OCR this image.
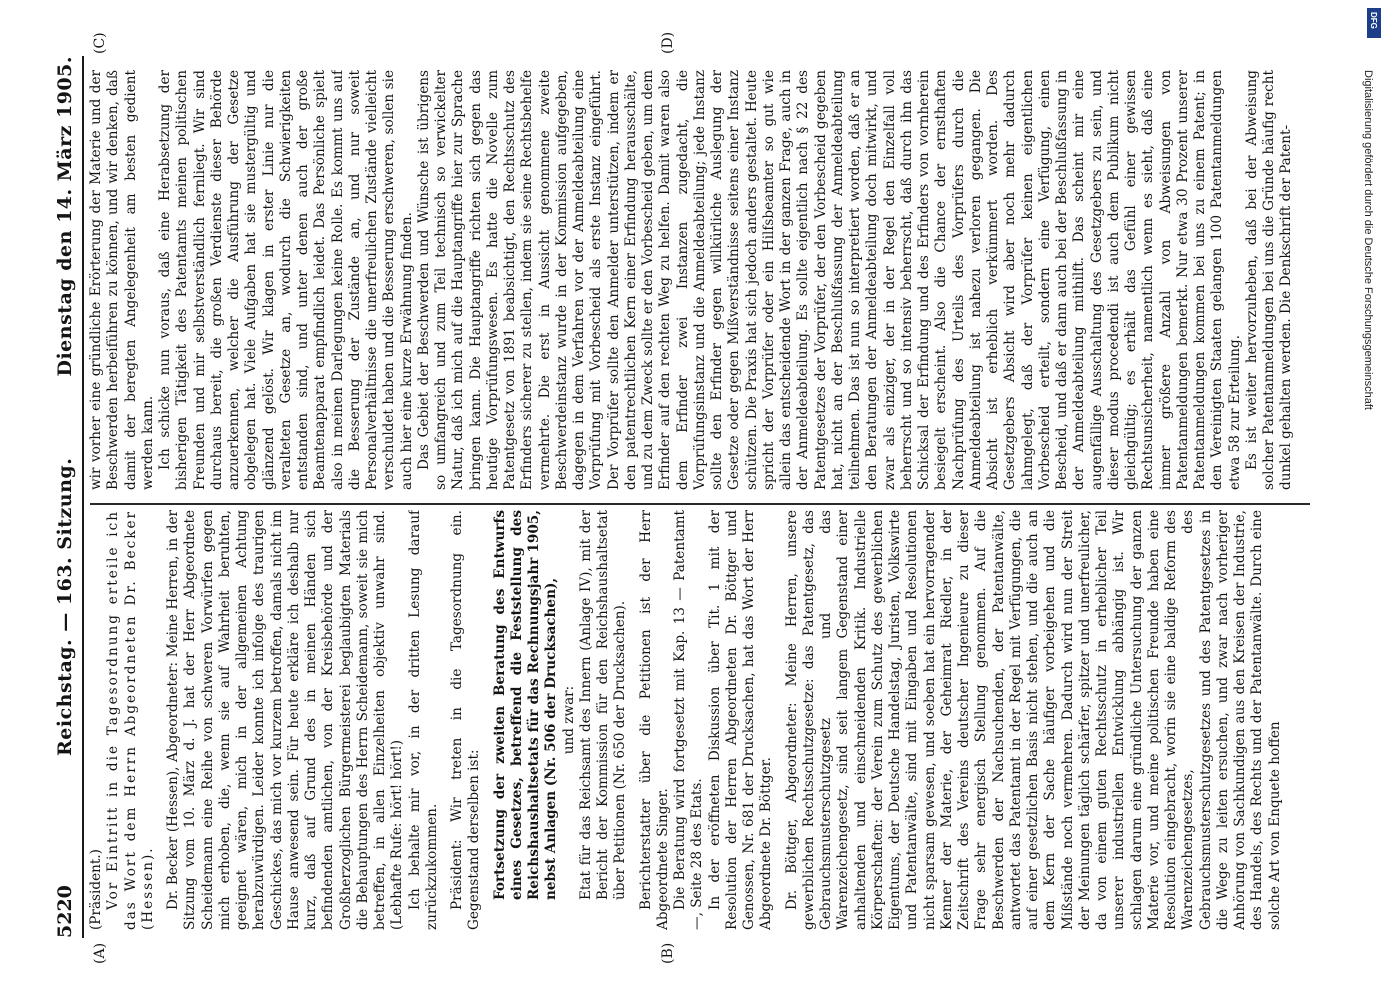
5220
Reichstag. — 163. Sitzung.
Dienstag den 14. März 1905.
(A)	(B)
(C)	(D)

(Präsident.) Vor Eintritt in die Tagesordnung erteile ich das Wort dem Herrn Abgeordneten Dr. Becker (Hessen). Dr. Becker (Hessen), Abgeordneter: Meine Herren, in der Sitzung vom 10. März d. J. hat der Herr Abgeordnete Scheidemann eine Reihe von schweren Vorwürfen gegen mich erhoben, die, wenn sie auf Wahrheit beruhten, geeignet wären, mich in der allgemeinen Achtung herabzuwürdigen. Leider konnte ich infolge des traurigen Geschickes, das mich vor kurzem betroffen, damals nicht im Hause anwesend sein. Für heute erkläre ich deshalb nur kurz, daß auf Grund des in meinen Händen sich befindenden amtlichen, von der Kreisbehörde und der Großherzoglichen Bürgermeisterei beglaubigten Materials die Behauptungen des Herrn Scheidemann, soweit sie mich betreffen, in allen Einzelheiten objektiv unwahr sind. (Lebhafte Rufe: hört! hört!) Ich behalte mir vor, in der dritten Lesung darauf zurückzukommen. Präsident: Wir treten in die Tagesordnung ein. Gegenstand derselben ist: Fortsetzung der zweiten Beratung des Entwurfs eines Gesetzes, betreffend die Feststellung des Reichshaushaltsetats für das Rechnungsjahr 1905, nebst Anlagen (Nr. 506 der Drucksachen), und zwar: Etat für das Reichsamt des Innern (Anlage IV), mit der Bericht der Kommission für den Reichshaushaltsetat über Petitionen (Nr. 650 der Drucksachen). Berichterstatter über die Petitionen ist der Herr Abgeordnete Singer. Die Beratung wird fortgesetzt mit Kap. 13 — Patentamt —, Seite 28 des Etats. In der eröffneten Diskussion über Tit. 1 mit der Resolution der Herren Abgeordneten Dr. Böttger und Genossen, Nr. 681 der Drucksachen, hat das Wort der Herr Abgeordnete Dr. Böttger. Dr. Böttger, Abgeordneter: Meine Herren, unsere gewerblichen Rechtsschutzgesetze: das Patentgesetz, das Gebrauchsmusterschutzgesetz und das Warenzeichengesetz, sind seit langem Gegenstand einer anhaltenden und einschneidenden Kritik. Industrielle Körperschaften: der Verein zum Schutz des gewerblichen Eigentums, der Deutsche Handelstag, Juristen, Volkswirte und Patentanwälte, sind mit Eingaben und Resolutionen nicht sparsam gewesen, und soeben hat ein hervorragender Kenner der Materie, der Geheimrat Riedler, in der Zeitschrift des Vereins deutscher Ingenieure zu dieser Frage sehr energisch Stellung genommen. Auf die Beschwerden der Nachsuchenden, der Patentanwälte, antwortet das Patentamt in der Regel mit Verfügungen, die auf einer gesetzlichen Basis nicht stehen, und die auch an dem Kern der Sache häufiger vorbeigehen und die Mißstände noch vermehren. Dadurch wird nun der Streit der Meinungen täglich schärfer, spitzer und unerfreulicher, da von einem guten Rechtsschutz in erheblicher Teil unserer industriellen Entwicklung abhängig ist. Wir schlagen darum eine gründliche Untersuchung der ganzen Materie vor, und meine politischen Freunde haben eine Resolution eingebracht, worin sie eine baldige Reform des Warenzeichengesetzes, des Gebrauchsmusterschutzgesetzes und des Patentgesetzes in die Wege zu leiten ersuchen, und zwar nach vorheriger Anhörung von Sachkundigen aus den Kreisen der Industrie, des Handels, des Rechts und der Patentanwälte. Durch eine solche Art von Enquete hoffen

wir vorher eine gründliche Erörterung der Materie und der Beschwerden herbeiführen zu können, und wir denken, daß damit der beregten Angelegenheit am besten gedient werden kann. Ich schicke nun voraus, daß eine Herabsetzung der bisherigen Tätigkeit des Patentamts meinen politischen Freunden und mir selbstverständlich fernliegt. Wir sind durchaus bereit, die großen Verdienste dieser Behörde anzuerkennen, welcher die Ausführung der Gesetze obgelegen hat. Viele Aufgaben hat sie mustergültig und glänzend gelöst. Wir klagen in erster Linie nur die veralteten Gesetze an, wodurch die Schwierigkeiten entstanden sind, und unter denen auch der große Beamtenapparat empfindlich leidet. Das Persönliche spielt also in meinen Darlegungen keine Rolle. Es kommt uns auf die Besserung der Zustände an, und nur soweit Personalverhältnisse die unerfreulichen Zustände vielleicht verschuldet haben und die Besserung erschweren, sollen sie auch hier eine kurze Erwähnung finden. Das Gebiet der Beschwerden und Wünsche ist übrigens so umfangreich und zum Teil technisch so verwickelter Natur, daß ich mich auf die Hauptangriffe hier zur Sprache bringen kann. Die Hauptangriffe richten sich gegen das heutige Vorprüfungswesen. Es hatte die Novelle zum Patentgesetz von 1891 beabsichtigt, den Rechtsschutz des Erfinders sicherer zu stellen, indem sie seine Rechtsbehelfe vermehrte. Die erst in Aussicht genommene zweite Beschwerdeinstanz wurde in der Kommission aufgegeben, dagegen in dem Verfahren vor der Anmeldeabteilung eine Vorprüfung mit Vorbescheid als erste Instanz eingeführt. Der Vorprüfer sollte den Anmelder unterstützen, indem er den patentrechtlichen Kern einer Erfindung herausschälte, und zu dem Zweck sollte er den Vorbescheid geben, um dem Erfinder auf den rechten Weg zu helfen. Damit waren also dem Erfinder zwei Instanzen zugedacht, die Vorprüfungsinstanz und die Anmeldeabteilung; jede Instanz sollte den Erfinder gegen willkürliche Auslegung der Gesetze oder gegen Mißverständnisse seitens einer Instanz schützen. Die Praxis hat sich jedoch anders gestaltet. Heute spricht der Vorprüfer oder ein Hilfsbeamter so gut wie allein das entscheidende Wort in der ganzen Frage, auch in der Anmeldeabteilung. Es sollte eigentlich nach § 22 des Patentgesetzes der Vorprüfer, der den Vorbescheid gegeben hat, nicht an der Beschlußfassung der Anmeldeabteilung teilnehmen. Das ist nun so interpretiert worden, daß er an den Beratungen der Anmeldeabteilung doch mitwirkt, und zwar als einziger, der in der Regel den Einzelfall voll beherrscht und so intensiv beherrscht, daß durch ihn das Schicksal der Erfindung und des Erfinders von vornherein besiegelt erscheint. Also die Chance der ernsthaften Nachprüfung des Urteils des Vorprüfers durch die Anmeldeabteilung ist nahezu verloren gegangen. Die Absicht ist erheblich verkümmert worden. Des Gesetzgebers Absicht wird aber noch mehr dadurch lahmgelegt, daß der Vorprüfer keinen eigentlichen Vorbescheid erteilt, sondern eine Verfügung, einen Bescheid, und daß er dann auch bei der Beschlußfassung in der Anmeldeabteilung mithilft. Das scheint mir eine augenfällige Ausschaltung des Gesetzgebers zu sein, und dieser modus procedendi ist auch dem Publikum nicht gleichgültig; es erhält das Gefühl einer gewissen Rechtsunsicherheit, namentlich wenn es sieht, daß eine immer größere Anzahl von Abweisungen von Patentanmeldungen bemerkt. Nur etwa 30 Prozent unserer Patentanmeldungen kommen bei uns zu einem Patent; in den Vereinigten Staaten gelangen 100 Patentanmeldungen etwa 58 zur Erteilung. Es ist weiter hervorzuheben, daß bei der Abweisung solcher Patentanmeldungen bei uns die Gründe häufig recht dunkel gehalten werden. Die Denkschrift der Patent-

DFG
Digitalisierung gefördert durch die Deutsche Forschungsgemeinschaft
